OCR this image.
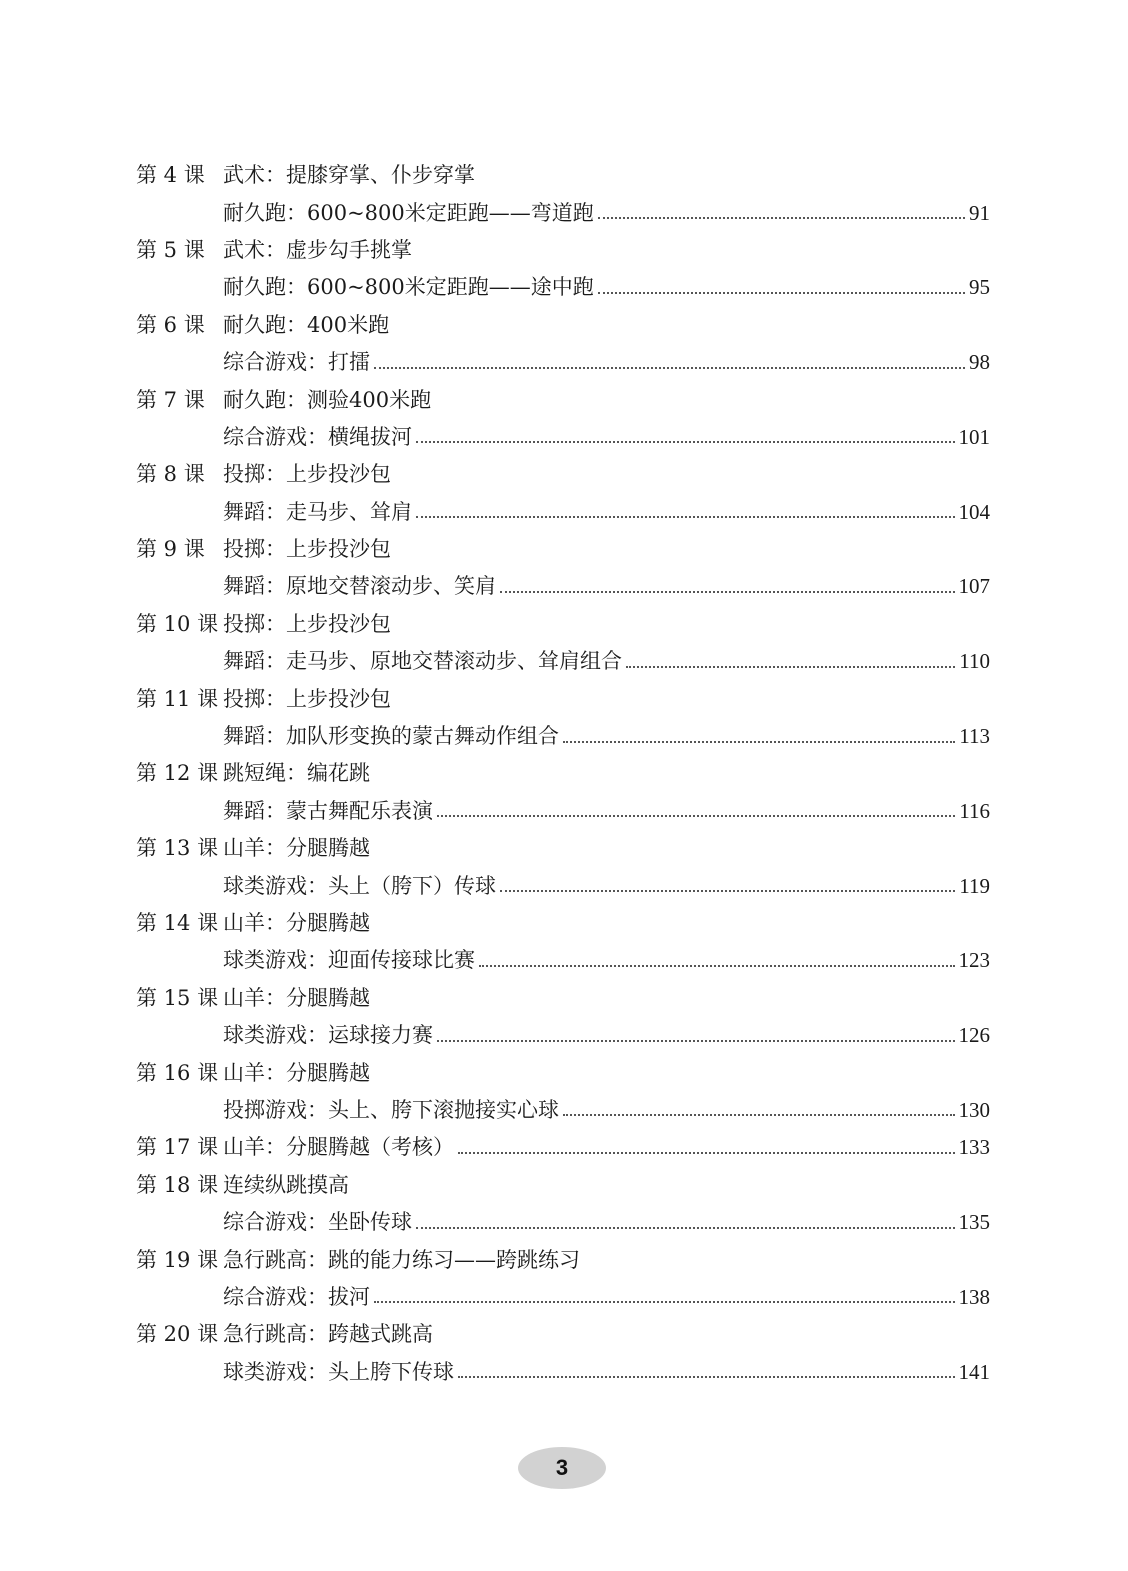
第 4 课 武术：提膝穿掌、仆步穿掌
耐久跑：600~800米定距跑——弯道跑	91
第 5 课 武术：虚步勾手挑掌
耐久跑：600~800米定距跑——途中跑	95
第 6 课 耐久跑：400米跑
综合游戏：打擂	98
第 7 课 耐久跑：测验400米跑
综合游戏：横绳拔河	101
第 8 课 投掷：上步投沙包
舞蹈：走马步、耸肩	104
第 9 课 投掷：上步投沙包
舞蹈：原地交替滚动步、笑肩	107
第 10 课 投掷：上步投沙包
舞蹈：走马步、原地交替滚动步、耸肩组合	110
第 11 课 投掷：上步投沙包
舞蹈：加队形变换的蒙古舞动作组合	113
第 12 课 跳短绳：编花跳
舞蹈：蒙古舞配乐表演	116
第 13 课 山羊：分腿腾越
球类游戏：头上（胯下）传球	119
第 14 课 山羊：分腿腾越
球类游戏：迎面传接球比赛	123
第 15 课 山羊：分腿腾越
球类游戏：运球接力赛	126
第 16 课 山羊：分腿腾越
投掷游戏：头上、胯下滚抛接实心球	130
第 17 课 山羊：分腿腾越（考核）	133
第 18 课 连续纵跳摸高
综合游戏：坐卧传球	135
第 19 课 急行跳高：跳的能力练习——跨跳练习
综合游戏：拔河	138
第 20 课 急行跳高：跨越式跳高
球类游戏：头上胯下传球	141
3
